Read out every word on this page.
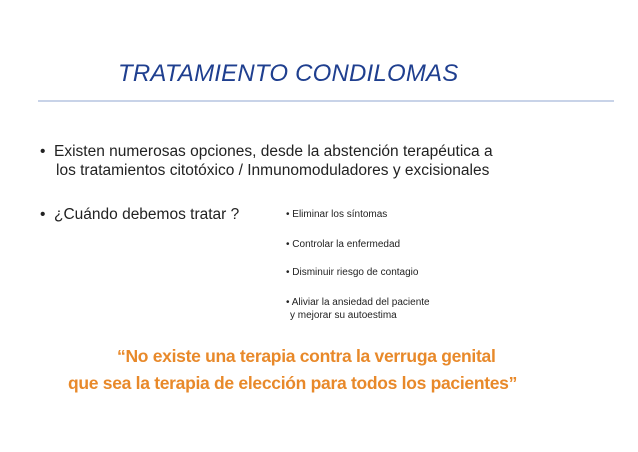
TRATAMIENTO CONDILOMAS
• Existen numerosas opciones, desde la abstención terapéutica a
los tratamientos citotóxico / Inmunomoduladores y excisionales
• ¿Cuándo debemos tratar ?	• Eliminar los síntomas
• Controlar la enfermedad
• Disminuir riesgo de contagio
• Aliviar la ansiedad del paciente
y mejorar su autoestima
“No existe una terapia contra la verruga genital
que sea la terapia de elección para todos los pacientes”
